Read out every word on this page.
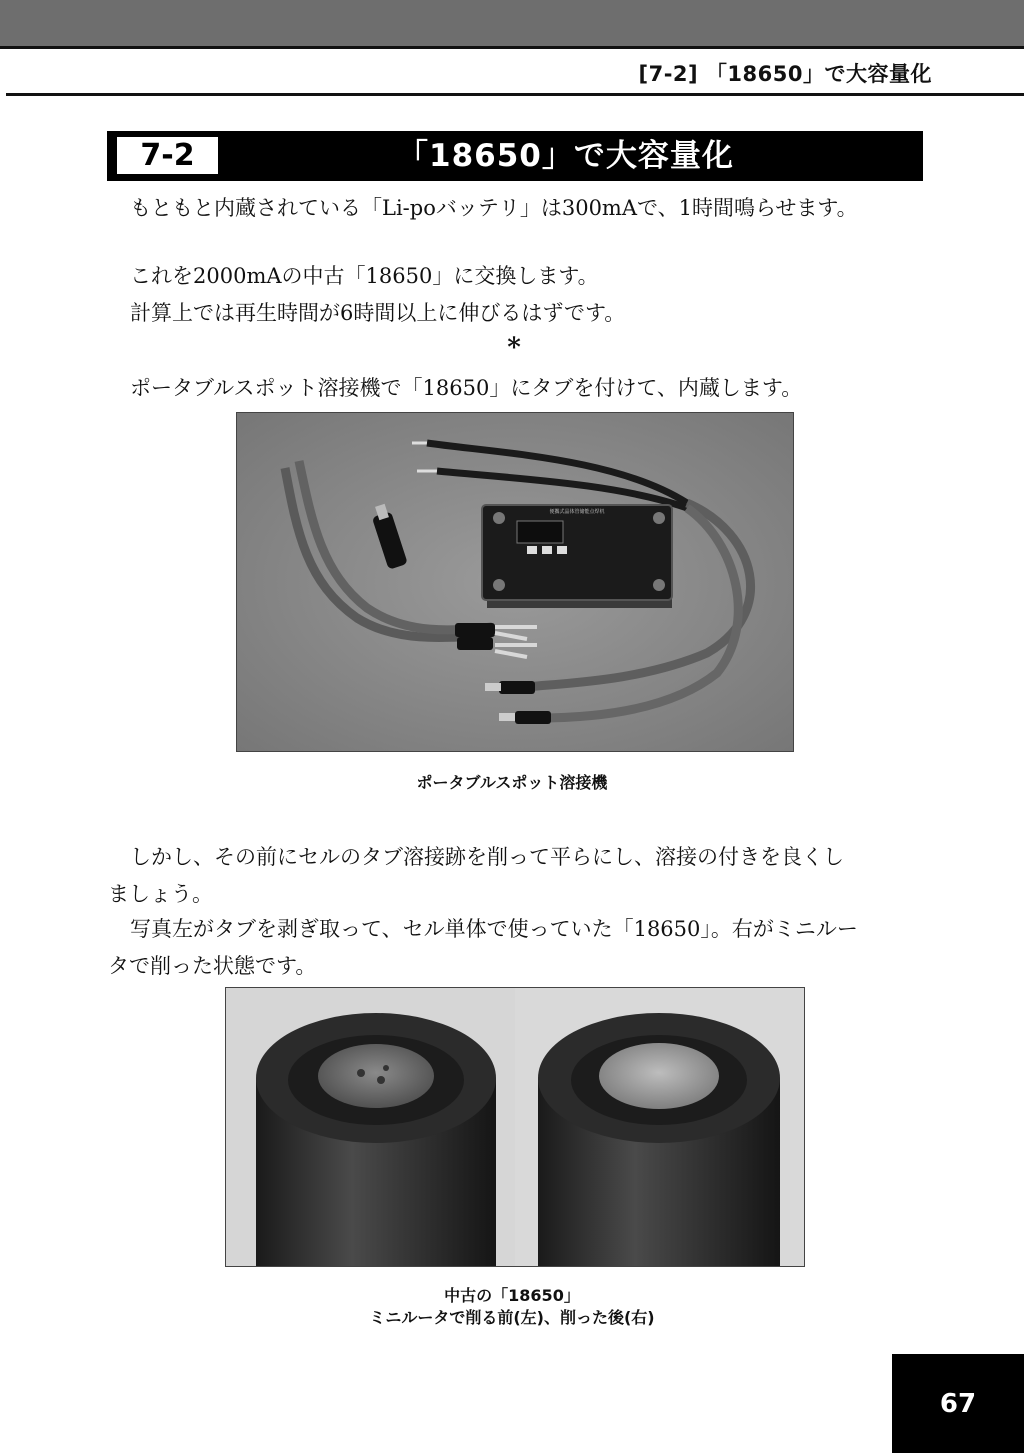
[7-2] 「18650」で大容量化
7-2	「18650」で大容量化
もともと内蔵されている「Li-poバッテリ」は300mAで、1時間鳴らせます。
これを2000mAの中古「18650」に交換します。
計算上では再生時間が6時間以上に伸びるはずです。
*
ポータブルスポット溶接機で「18650」にタブを付けて、内蔵します。
便攜式晶体管储能点焊机
ポータブルスポット溶接機
しかし、その前にセルのタブ溶接跡を削って平らにし、溶接の付きを良くし
ましょう。
写真左がタブを剥ぎ取って、セル単体で使っていた「18650」。右がミニルー
タで削った状態です。
中古の「18650」
ミニルータで削る前(左)、削った後(右)
67
